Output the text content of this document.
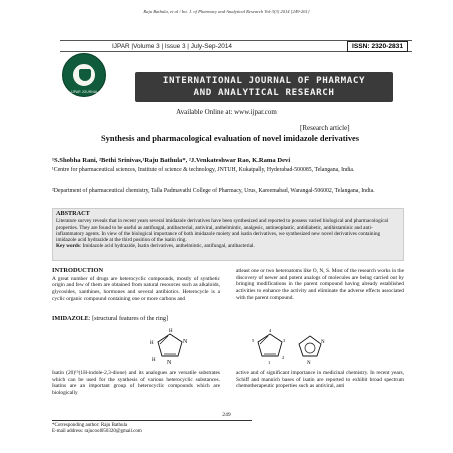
Raju Bathula, et al / Int. J. of Pharmacy and Analytical Research Vol-3(3) 2014 [249-261]
IJPAR |Volume 3 | Issue 3 | July-Sep-2014	ISSN: 2320-2831
IJPAR JOURNAL
INTERNATIONAL JOURNAL OF PHARMACY
AND ANALYTICAL RESEARCH
Available Online at: www.ijpar.com
[Research article]
Synthesis and pharmacological evaluation of novel imidazole derivatives
¹S.Shobha Rani, ²Bethi Srinivas,¹Raju Bathula*, ²J.Venkateshwar Rao, K.Rama Devi
¹Centre for pharmaceutical sciences, Institute of science & technology, JNTUH, Kukatpally, Hyderabad-500085, Telangana, India.
²Department of pharmaceutical chemistry, Talla Padmavathi College of Pharmacy, Urus, Kareemabad, Warangal-506002, Telangana, India.
ABSTRACT

Literature survey reveals that in recent years several imidazole derivatives have been synthesized and reported to possess varied biological and pharmacological properties. They are found to be useful as antifungal, antibacterial, antiviral, anthelmintic, analgesic, antineoplastic, antidiabetic, antihistaminic and anti-inflammatory agents. In view of the biological importance of both imidazole moiety and isatin derivatives, we synthesized new novel derivatives containing imidazole acid hydrazide at the third position of the isatin ring.

Key words: Imidazole acid hydrazide, Isatin derivatives, anthelmintic, antifungal, antibacterial.

INTRODUCTION

A great number of drugs are heterocyclic compounds, mostly of synthetic origin and few of them are obtained from natural resources such as alkaloids, glycosides, xanthines, hormones and several antibiotics. Heterocycle is a cyclic organic compound containing one or more carbons and

atleast one or two heteroatoms like O, N, S. Most of the research works in the discovery of newer and potent analogs of molecules are being carried out by bringing modifications in the parent compound having already established activities to enhance the activity and eliminate the adverse effects associated with the parent compound.

IMIDAZOLE: [structural features of the ring]
N
N
H
H
H
4
3
5
1
2
N
N

Isatin (20)¹⁵(1H-indole-2,3-dione) and its analogues are versatile substrates which can be used for the synthesis of various heterocyclic substances. Isatins are an important group of heterocyclic compounds which are biologically

active and of significant importance in medicinal chemistry. In recent years, Schiff and mannich bases of isatin are reported to exhibit broad spectrum chemotherapeutic properties such as antiviral, anti

249
*Corresponding author: Raju Bathula
E-mail address: rajucool050320@gmail.com
